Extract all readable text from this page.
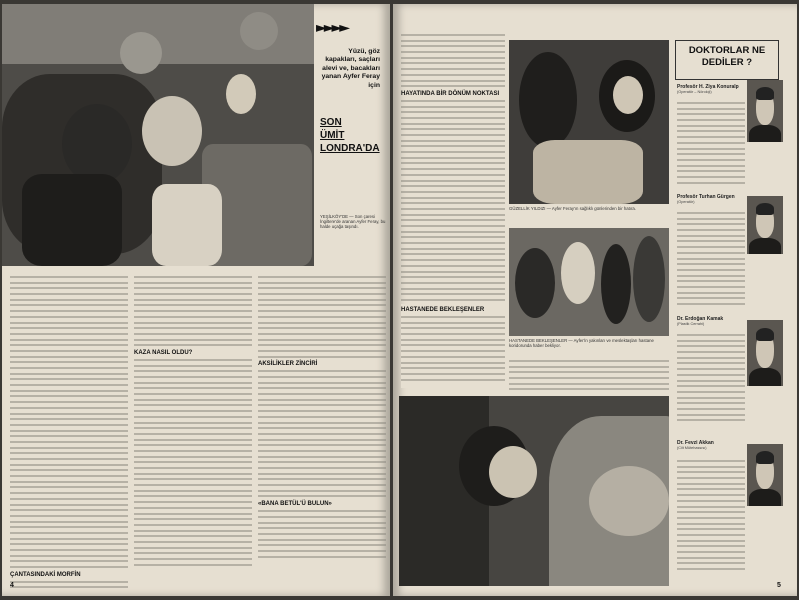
►►►►
Yüzü, göz kapakları, saçları alevi ve, bacakları yanan Ayfer Feray için
SON
ÜMİT
LONDRA'DA
YEŞİLKÖY'DE — Son çaresi İngiltere'de aranan Ayfer Feray, bu halde uçağa taşındı.
ÇANTASINDAKİ MORFİN
KAZA NASIL OLDU?
AKSİLİKLER ZİNCİRİ
«BANA BETÜL'Ü BULUN»
4
HAYATINDA BİR DÖNÜM NOKTASI
GÜZELLİK YILDIZI — Ayfer Feray'ın sağlıklı günlerinden bir hatıra.
HASTANEDE BEKLEŞENLER — Ayfer'in yakınları ve meslektaşları hastane koridorunda haber bekliyor.
HASTANEDE BEKLEŞENLER
DOKTORLAR NE DEDİLER ?
Profesör H. Ziya Konuralp
(Operatör – Nöroloji)
Profesör Turhan Gürgen
(Operatör)
Dr. Erdoğan Kamak
(Plastik Cerrahi)
Dr. Fevzi Akkan
(Cilt Mütehassısı)
5
